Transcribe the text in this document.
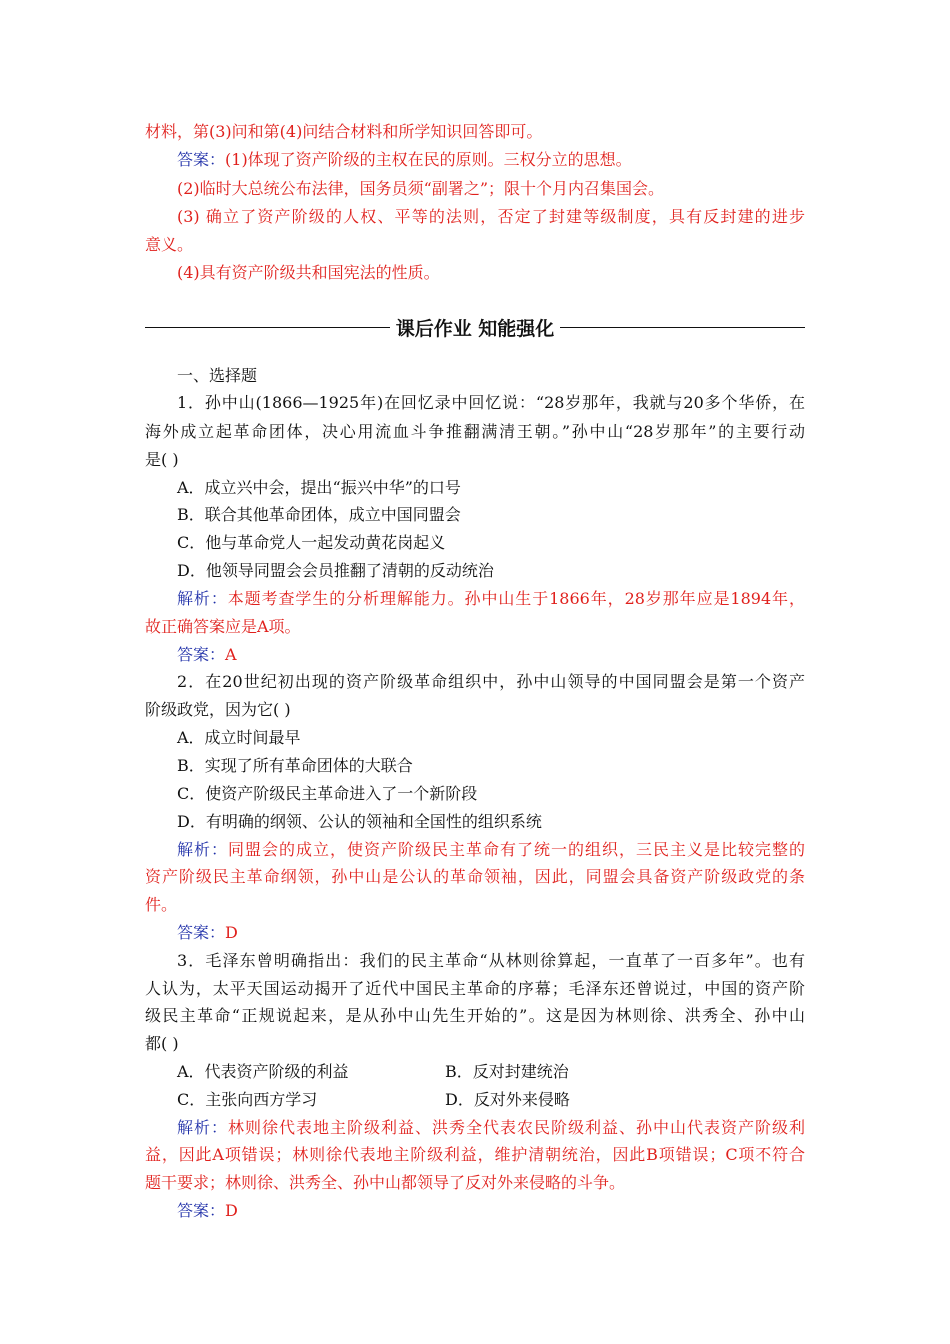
材料，第(3)问和第(4)问结合材料和所学知识回答即可。
答案：(1)体现了资产阶级的主权在民的原则。三权分立的思想。
(2)临时大总统公布法律，国务员须“副署之”；限十个月内召集国会。
(3) 确立了资产阶级的人权、平等的法则，否定了封建等级制度，具有反封建的进步
意义。
(4)具有资产阶级共和国宪法的性质。
课后作业 知能强化
一、选择题
1．孙中山(1866—1925年)在回忆录中回忆说：“28岁那年，我就与20多个华侨，在
海外成立起革命团体，决心用流血斗争推翻满清王朝。”孙中山“28岁那年”的主要行动
是( )
A．成立兴中会，提出“振兴中华”的口号
B．联合其他革命团体，成立中国同盟会
C．他与革命党人一起发动黄花岗起义
D．他领导同盟会会员推翻了清朝的反动统治
解析：本题考查学生的分析理解能力。孙中山生于1866年，28岁那年应是1894年，
故正确答案应是A项。
答案：A
2．在20世纪初出现的资产阶级革命组织中，孙中山领导的中国同盟会是第一个资产
阶级政党，因为它( )
A．成立时间最早
B．实现了所有革命团体的大联合
C．使资产阶级民主革命进入了一个新阶段
D．有明确的纲领、公认的领袖和全国性的组织系统
解析：同盟会的成立，使资产阶级民主革命有了统一的组织，三民主义是比较完整的
资产阶级民主革命纲领，孙中山是公认的革命领袖，因此，同盟会具备资产阶级政党的条
件。
答案：D
3．毛泽东曾明确指出：我们的民主革命“从林则徐算起，一直革了一百多年”。也有
人认为，太平天国运动揭开了近代中国民主革命的序幕；毛泽东还曾说过，中国的资产阶
级民主革命“正规说起来，是从孙中山先生开始的”。这是因为林则徐、洪秀全、孙中山
都( )
A．代表资产阶级的利益	B．反对封建统治
C．主张向西方学习	D．反对外来侵略
解析：林则徐代表地主阶级利益、洪秀全代表农民阶级利益、孙中山代表资产阶级利
益，因此A项错误；林则徐代表地主阶级利益，维护清朝统治，因此B项错误；C项不符合
题干要求；林则徐、洪秀全、孙中山都领导了反对外来侵略的斗争。
答案：D
